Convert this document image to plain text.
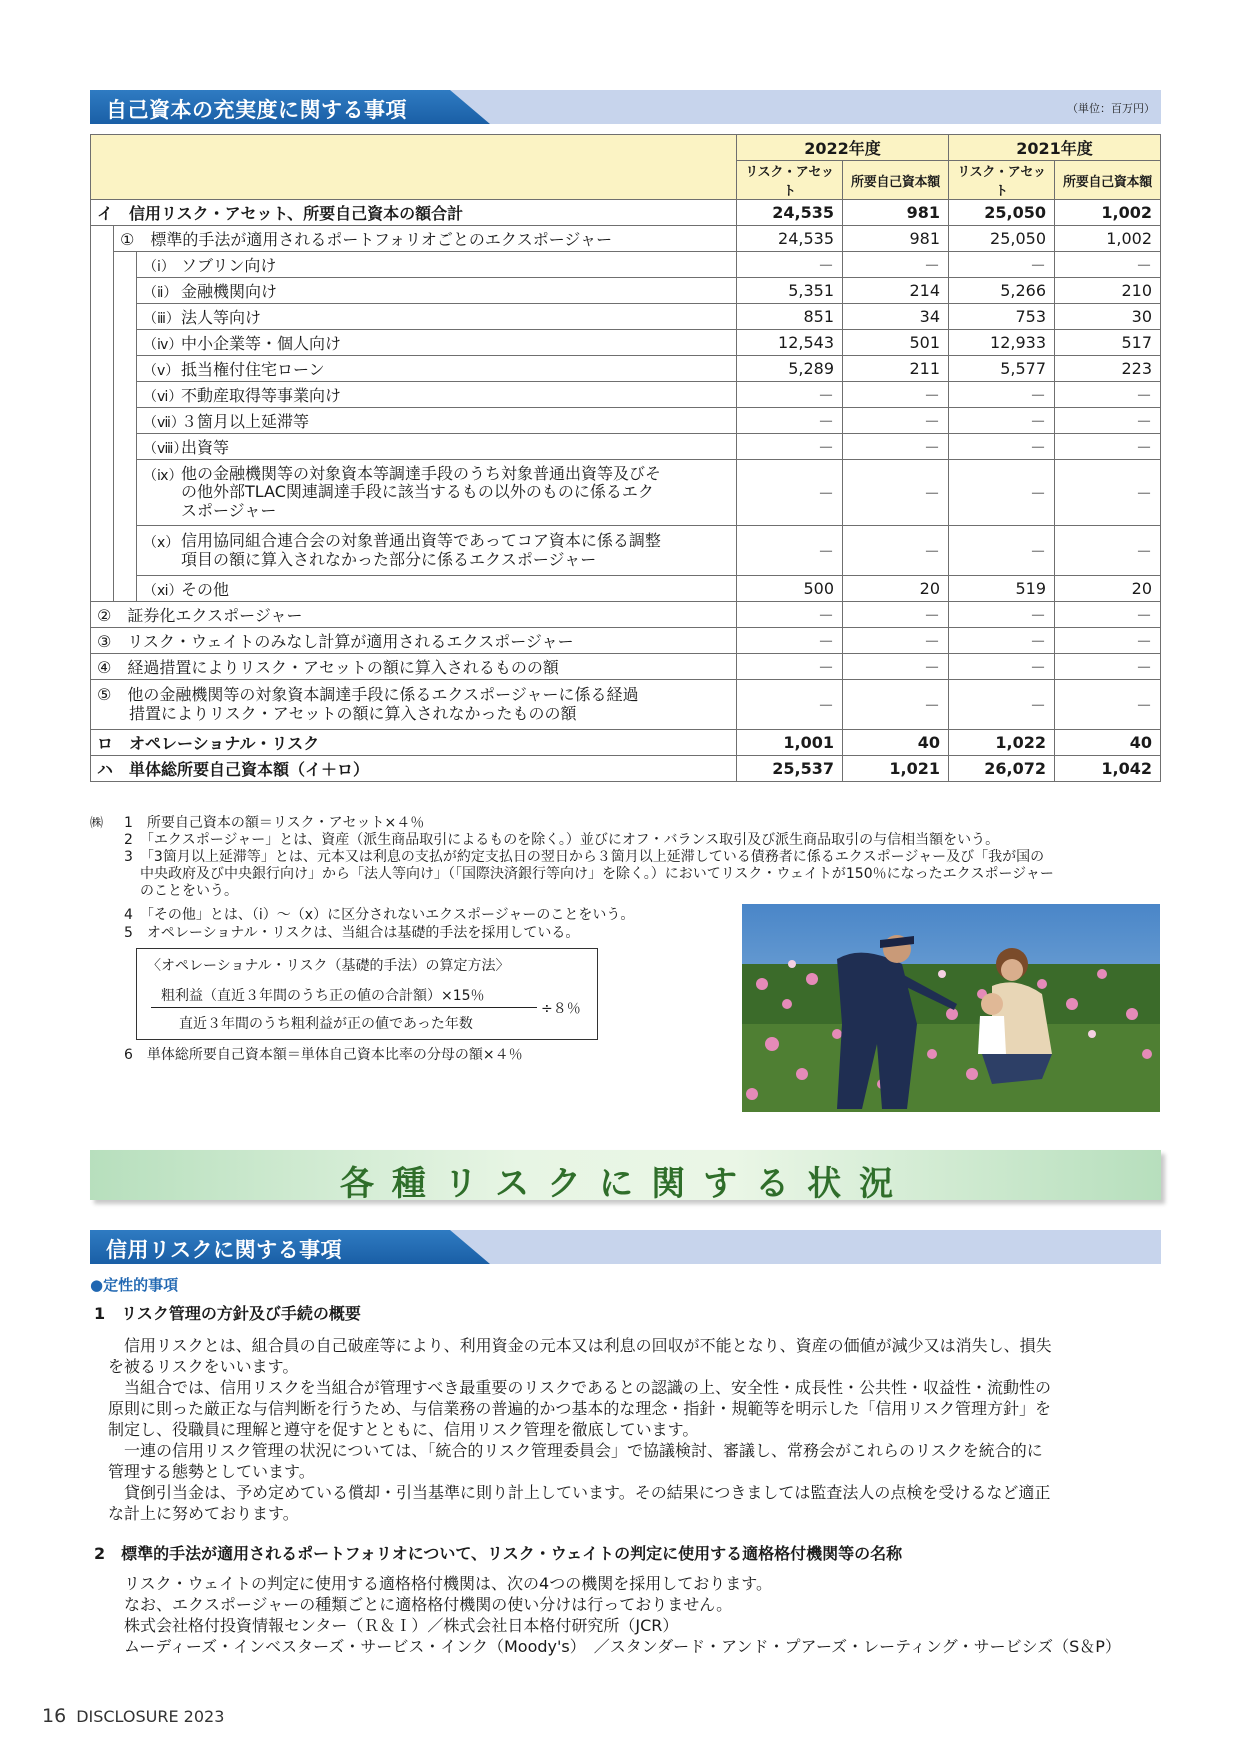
自己資本の充実度に関する事項	（単位：百万円）
			2022年度		2021年度	
			リスク・アセット	所要自己資本額	リスク・アセット	所要自己資本額
イ　信用リスク・アセット、所要自己資本の額合計			24,535	981	25,050	1,002
	①　標準的手法が適用されるポートフォリオごとのエクスポージャー		24,535	981	25,050	1,002
		（ⅰ） ソブリン向け	－	－	－	－
		（ⅱ） 金融機関向け	5,351	214	5,266	210
		（ⅲ）法人等向け	851	34	753	30
		（ⅳ）中小企業等・個人向け	12,543	501	12,933	517
		（ⅴ） 抵当権付住宅ローン	5,289	211	5,577	223
		（ⅵ）不動産取得等事業向け	－	－	－	－
		（ⅶ）３箇月以上延滞等	－	－	－	－
		（ⅷ）出資等	－	－	－	－
		（ⅸ）他の金融機関等の対象資本等調達手段のうち対象普通出資等及びそ
の他外部TLAC関連調達手段に該当するもの以外のものに係るエク
スポージャー	－	－	－	－
		（ⅹ） 信用協同組合連合会の対象普通出資等であってコア資本に係る調整
項目の額に算入されなかった部分に係るエクスポージャー	－	－	－	－
		（ⅺ）その他	500	20	519	20
②　証券化エクスポージャー			－	－	－	－
③　リスク・ウェイトのみなし計算が適用されるエクスポージャー			－	－	－	－
④　経過措置によりリスク・アセットの額に算入されるものの額			－	－	－	－
⑤　他の金融機関等の対象資本調達手段に係るエクスポージャーに係る経過
　　措置によりリスク・アセットの額に算入されなかったものの額			－	－	－	－
ロ　オペレーショナル・リスク			1,001	40	1,022	40
ハ　単体総所要自己資本額（イ＋ロ）			25,537	1,021	26,072	1,042
㈱ 1　所要自己資本の額＝リスク・アセット×４％
2　「エクスポージャー」とは、資産（派生商品取引によるものを除く。）並びにオフ・バランス取引及び派生商品取引の与信相当額をいう。
3　「3箇月以上延滞等」とは、元本又は利息の支払が約定支払日の翌日から３箇月以上延滞している債務者に係るエクスポージャー及び「我が国の
中央政府及び中央銀行向け」から「法人等向け」（「国際決済銀行等向け」を除く。）においてリスク・ウェイトが150％になったエクスポージャー
のことをいう。
4　「その他」とは、（ⅰ）～（ⅹ）に区分されないエクスポージャーのことをいう。
5　オペレーショナル・リスクは、当組合は基礎的手法を採用している。
〈オペレーショナル・リスク（基礎的手法）の算定方法〉
粗利益（直近３年間のうち正の値の合計額）×15％
直近３年間のうち粗利益が正の値であった年数
÷８％
6　単体総所要自己資本額＝単体自己資本比率の分母の額×４％
各種リスクに関する状況
信用リスクに関する事項
●定性的事項
1　リスク管理の方針及び手続の概要
　信用リスクとは、組合員の自己破産等により、利用資金の元本又は利息の回収が不能となり、資産の価値が減少又は消失し、損失
を被るリスクをいいます。
　当組合では、信用リスクを当組合が管理すべき最重要のリスクであるとの認識の上、安全性・成長性・公共性・収益性・流動性の
原則に則った厳正な与信判断を行うため、与信業務の普遍的かつ基本的な理念・指針・規範等を明示した「信用リスク管理方針」を
制定し、役職員に理解と遵守を促すとともに、信用リスク管理を徹底しています。
　一連の信用リスク管理の状況については、「統合的リスク管理委員会」で協議検討、審議し、常務会がこれらのリスクを統合的に
管理する態勢としています。
　貸倒引当金は、予め定めている償却・引当基準に則り計上しています。その結果につきましては監査法人の点検を受けるなど適正
な計上に努めております。
2　標準的手法が適用されるポートフォリオについて、リスク・ウェイトの判定に使用する適格格付機関等の名称
リスク・ウェイトの判定に使用する適格格付機関は、次の4つの機関を採用しております。
なお、エクスポージャーの種類ごとに適格格付機関の使い分けは行っておりません。
株式会社格付投資情報センター（Ｒ＆Ｉ）／株式会社日本格付研究所（JCR）
ムーディーズ・インベスターズ・サービス・インク（Moody's）　／スタンダード・アンド・プアーズ・レーティング・サービシズ（S＆P）
16 DISCLOSURE 2023
